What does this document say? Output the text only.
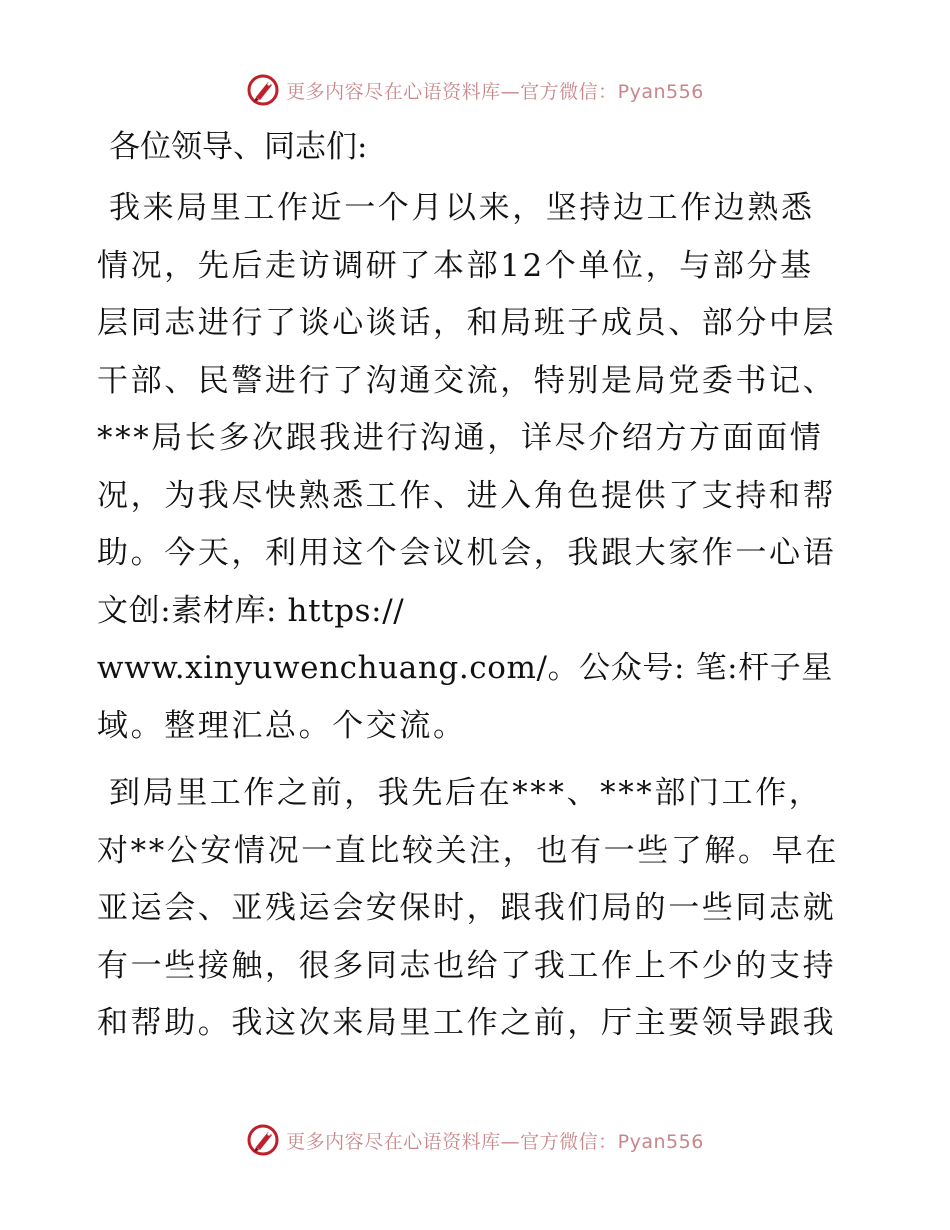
更多内容尽在心语资料库—官方微信：Pyan556
各位领导、同志们:
我来局里工作近一个月以来，坚持边工作边熟悉
情况，先后走访调研了本部12个单位，与部分基
层同志进行了谈心谈话，和局班子成员、部分中层
干部、民警进行了沟通交流，特别是局党委书记、
***局长多次跟我进行沟通，详尽介绍方方面面情
况，为我尽快熟悉工作、进入角色提供了支持和帮
助。今天，利用这个会议机会，我跟大家作一心语
文创:素材库: https://
www.xinyuwenchuang.com/。公众号: 笔:杆子星
域。整理汇总。个交流。
到局里工作之前，我先后在***、***部门工作，
对**公安情况一直比较关注，也有一些了解。早在
亚运会、亚残运会安保时，跟我们局的一些同志就
有一些接触，很多同志也给了我工作上不少的支持
和帮助。我这次来局里工作之前，厅主要领导跟我
更多内容尽在心语资料库—官方微信：Pyan556
